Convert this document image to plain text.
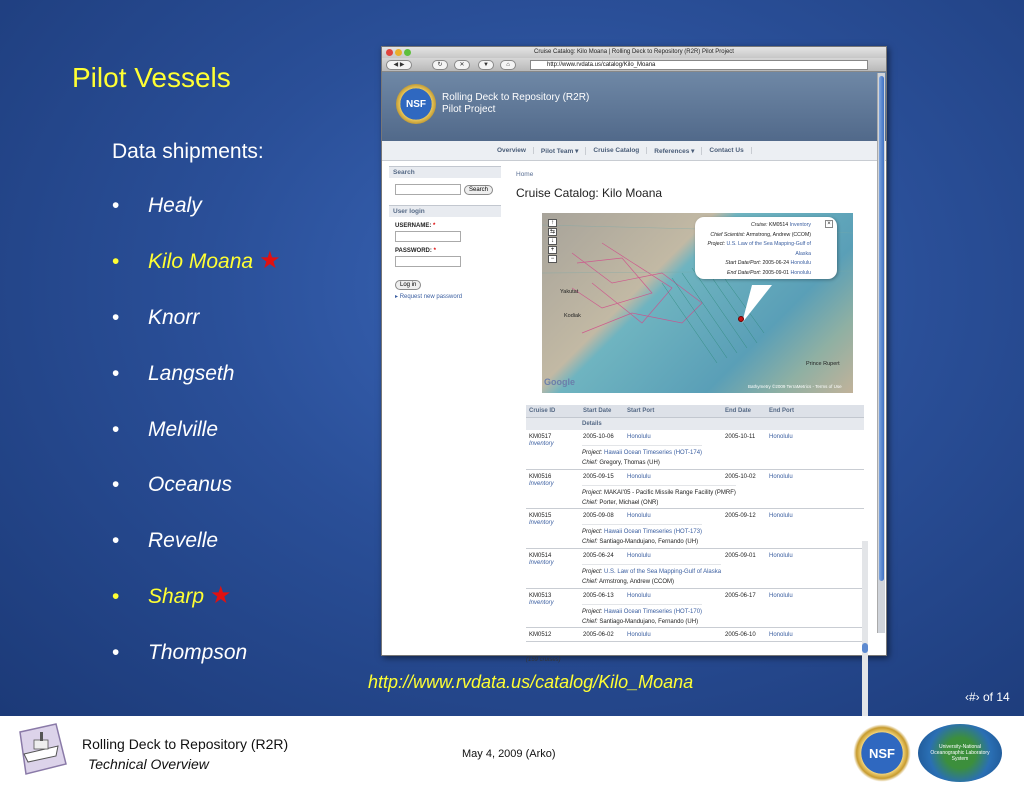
Pilot Vessels
Data shipments:
•	Healy
•	Kilo Moana ★
•	Knorr
•	Langseth
•	Melville
•	Oceanus
•	Revelle
•	Sharp ★
•	Thompson
http://www.rvdata.us/catalog/Kilo_Moana
‹#› of 14
Cruise Catalog: Kilo Moana | Rolling Deck to Repository (R2R) Pilot Project
◀ ▶	↻	✕	▼	⌂	http://www.rvdata.us/catalog/Kilo_Moana
NSF
Rolling Deck to Repository (R2R)
Pilot Project
Overview	Pilot Team ▾	Cruise Catalog	References ▾	Contact Us
Search
Search
User login
USERNAME: *
PASSWORD: *
Log in
▸ Request new password
Home
Cruise Catalog: Kilo Moana
↑
⇆
↓
+
−
Yakutat
Kodiak
Prince Rupert
Google	Bathymetry ©2009 TerraMetrics - Terms of Use
×
Cruise: KM0514 Inventory
Chief Scientist: Armstrong, Andrew (CCOM)
Project: U.S. Law of the Sea Mapping-Gulf of Alaska
Start Date/Port: 2005-06-24 Honolulu
End Date/Port: 2005-09-01 Honolulu
Cruise ID	Start Date	Start Port	End Date	End Port
Details
KM0517	2005-10-06	Honolulu	2005-10-11	Honolulu
Inventory
Project: Hawaii Ocean Timeseries (HOT-174)
Chief: Gregory, Thomas (UH)
KM0516	2005-09-15	Honolulu	2005-10-02	Honolulu
Inventory
Project: MAKAI'05 - Pacific Missile Range Facility (PMRF)
Chief: Porter, Michael (ONR)
KM0515	2005-09-08	Honolulu	2005-09-12	Honolulu
Inventory
Project: Hawaii Ocean Timeseries (HOT-173)
Chief: Santiago-Mandujano, Fernando (UH)
KM0514	2005-06-24	Honolulu	2005-09-01	Honolulu
Inventory
Project: U.S. Law of the Sea Mapping-Gulf of Alaska
Chief: Armstrong, Andrew (CCOM)
KM0513	2005-06-13	Honolulu	2005-06-17	Honolulu
Inventory
Project: Hawaii Ocean Timeseries (HOT-170)
Chief: Santiago-Mandujano, Fernando (UH)
KM0512	2005-06-02	Honolulu	2005-06-10	Honolulu
(159 cruises)
Rolling Deck to Repository (R2R)
Technical Overview
May 4, 2009 (Arko)	NSF	University-National Oceanographic Laboratory System
